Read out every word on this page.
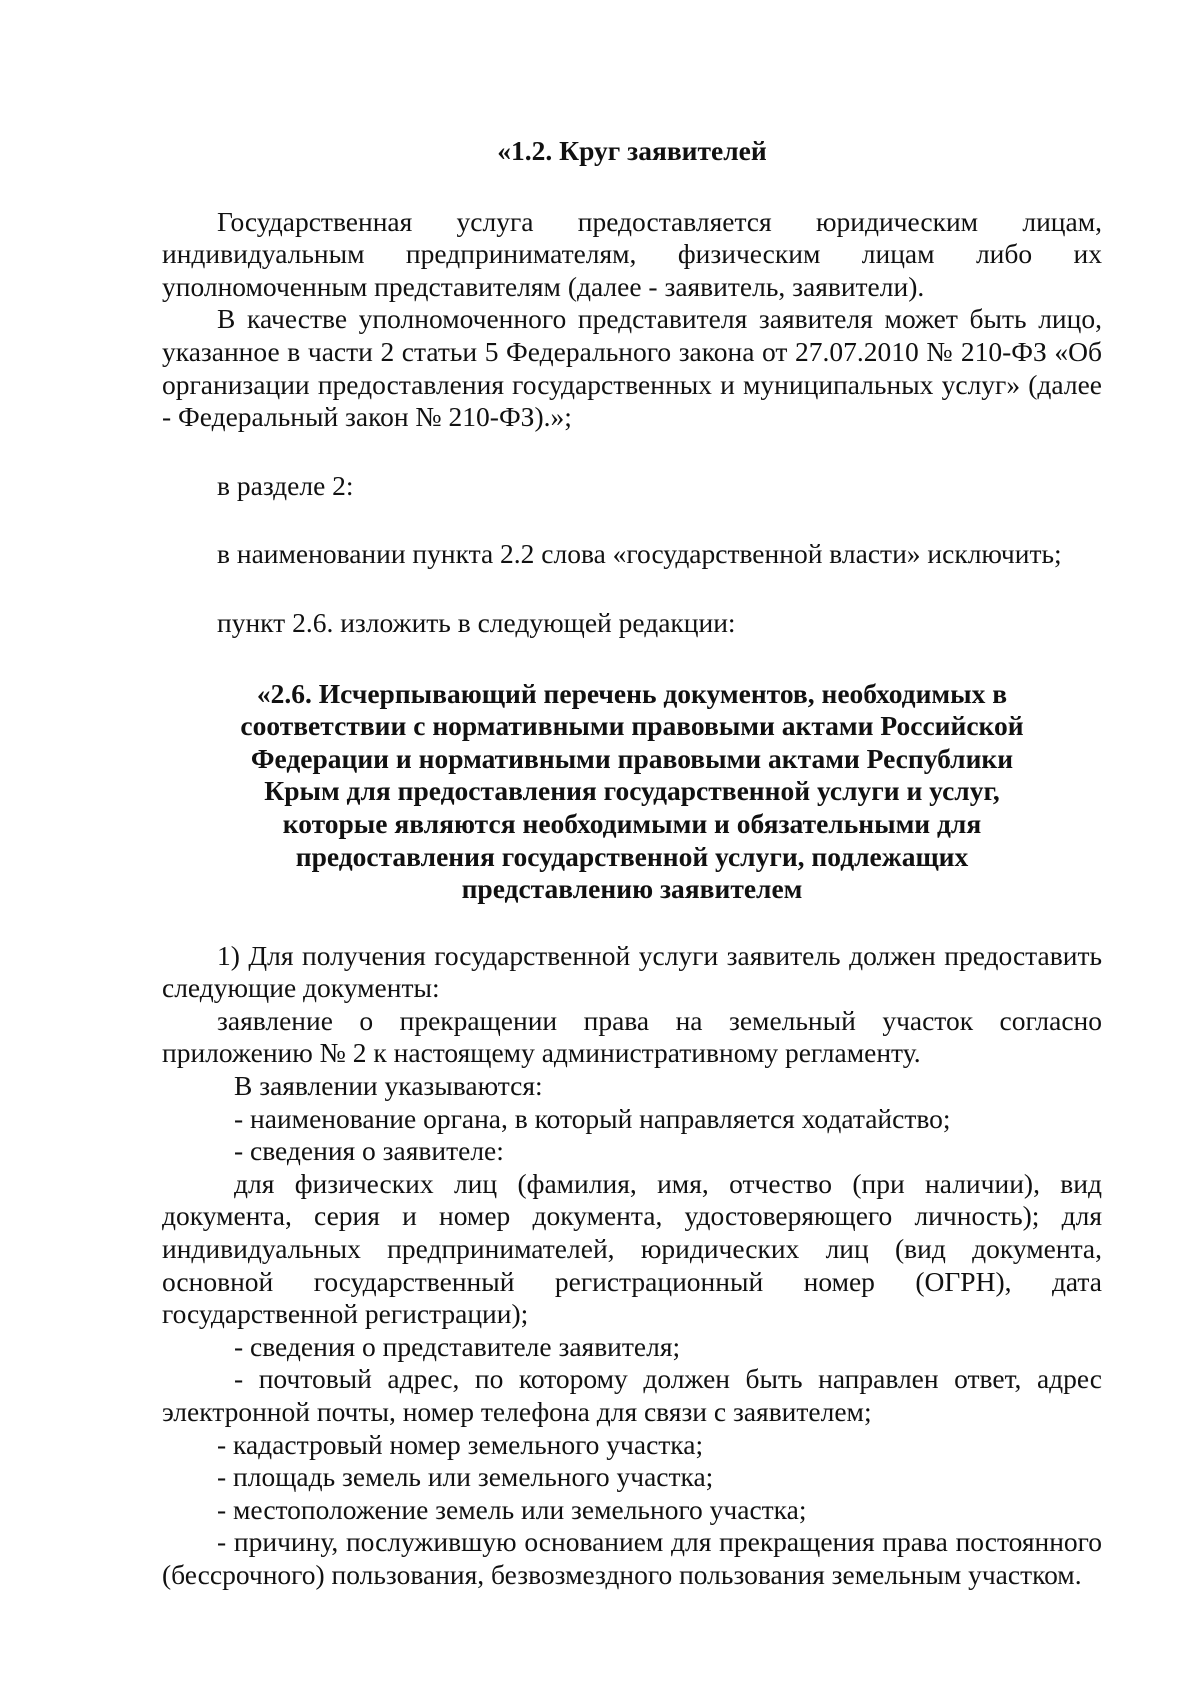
«1.2. Круг заявителей

Государственная услуга предоставляется юридическим лицам, индивидуальным предпринимателям, физическим лицам либо их уполномоченным представителям (далее - заявитель, заявители).

В качестве уполномоченного представителя заявителя может быть лицо, указанное в части 2 статьи 5 Федерального закона от 27.07.2010 № 210-ФЗ «Об организации предоставления государственных и муниципальных услуг» (далее - Федеральный закон № 210-ФЗ).»;

в разделе 2:

в наименовании пункта 2.2 слова «государственной власти» исключить;

пункт 2.6. изложить в следующей редакции:

«2.6. Исчерпывающий перечень документов, необходимых в соответствии с нормативными правовыми актами Российской Федерации и нормативными правовыми актами Республики Крым для предоставления государственной услуги и услуг, которые являются необходимыми и обязательными для предоставления государственной услуги, подлежащих представлению заявителем

1) Для получения государственной услуги заявитель должен предоставить следующие документы:

заявление о прекращении права на земельный участок согласно приложению № 2 к настоящему административному регламенту.

В заявлении указываются:

- наименование органа, в который направляется ходатайство;

- сведения о заявителе:

для физических лиц (фамилия, имя, отчество (при наличии), вид документа, серия и номер документа, удостоверяющего личность); для индивидуальных предпринимателей, юридических лиц (вид документа, основной государственный регистрационный номер (ОГРН), дата государственной регистрации);

- сведения о представителе заявителя;

- почтовый адрес, по которому должен быть направлен ответ, адрес электронной почты, номер телефона для связи с заявителем;

- кадастровый номер земельного участка;

- площадь земель или земельного участка;

- местоположение земель или земельного участка;

- причину, послужившую основанием для прекращения права постоянного (бессрочного) пользования, безвозмездного пользования земельным участком.
